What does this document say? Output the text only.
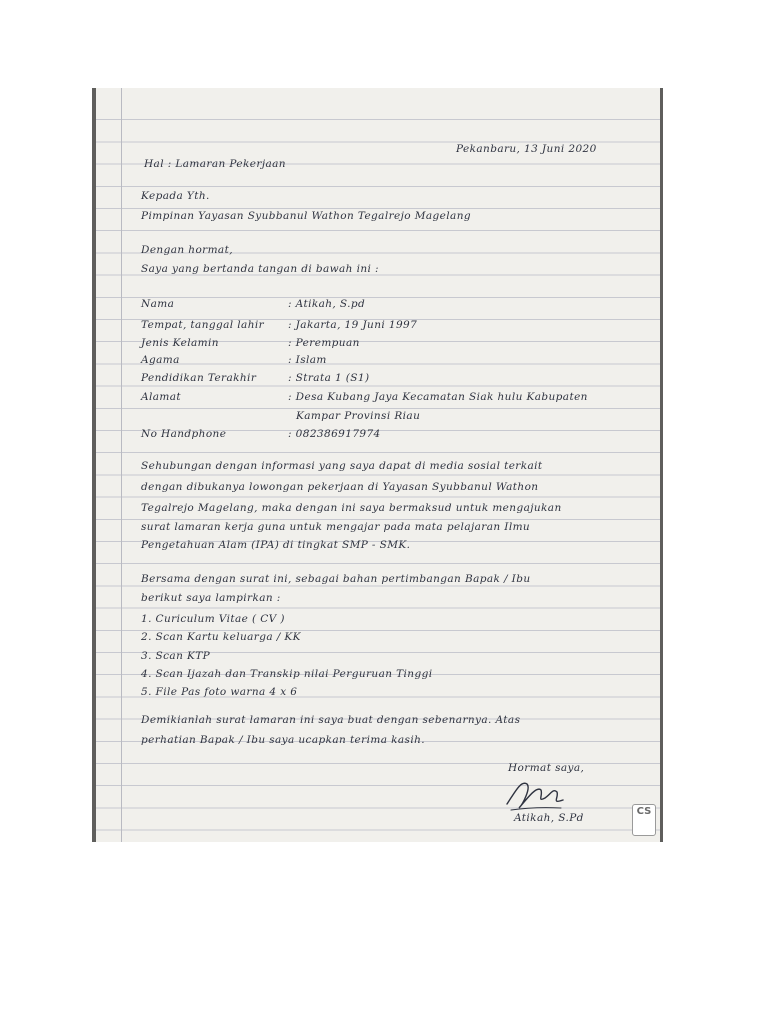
Pekanbaru, 13 Juni 2020
Hal : Lamaran Pekerjaan
Kepada Yth.
Pimpinan Yayasan Syubbanul Wathon Tegalrejo Magelang
Dengan hormat,
Saya yang bertanda tangan di bawah ini :
Nama	: Atikah, S.pd
Tempat, tanggal lahir : Jakarta, 19 Juni 1997
Jenis Kelamin	: Perempuan
Agama	: Islam
Pendidikan Terakhir	: Strata 1 (S1)
Alamat	: Desa Kubang Jaya Kecamatan Siak hulu Kabupaten
Kampar Provinsi Riau
No Handphone	: 082386917974
Sehubungan dengan informasi yang saya dapat di media sosial terkait
dengan dibukanya lowongan pekerjaan di Yayasan Syubbanul Wathon
Tegalrejo Magelang, maka dengan ini saya bermaksud untuk mengajukan
surat lamaran kerja guna untuk mengajar pada mata pelajaran Ilmu
Pengetahuan Alam (IPA) di tingkat SMP - SMK.
Bersama dengan surat ini, sebagai bahan pertimbangan Bapak / Ibu
berikut saya lampirkan :
1. Curiculum Vitae ( CV )
2. Scan Kartu keluarga / KK
3. Scan KTP
4. Scan Ijazah dan Transkip nilai Perguruan Tinggi
5. File Pas foto warna 4 x 6
Demikianlah surat lamaran ini saya buat dengan sebenarnya. Atas
perhatian Bapak / Ibu saya ucapkan terima kasih.
Hormat saya,
Atikah, S.Pd
CS
